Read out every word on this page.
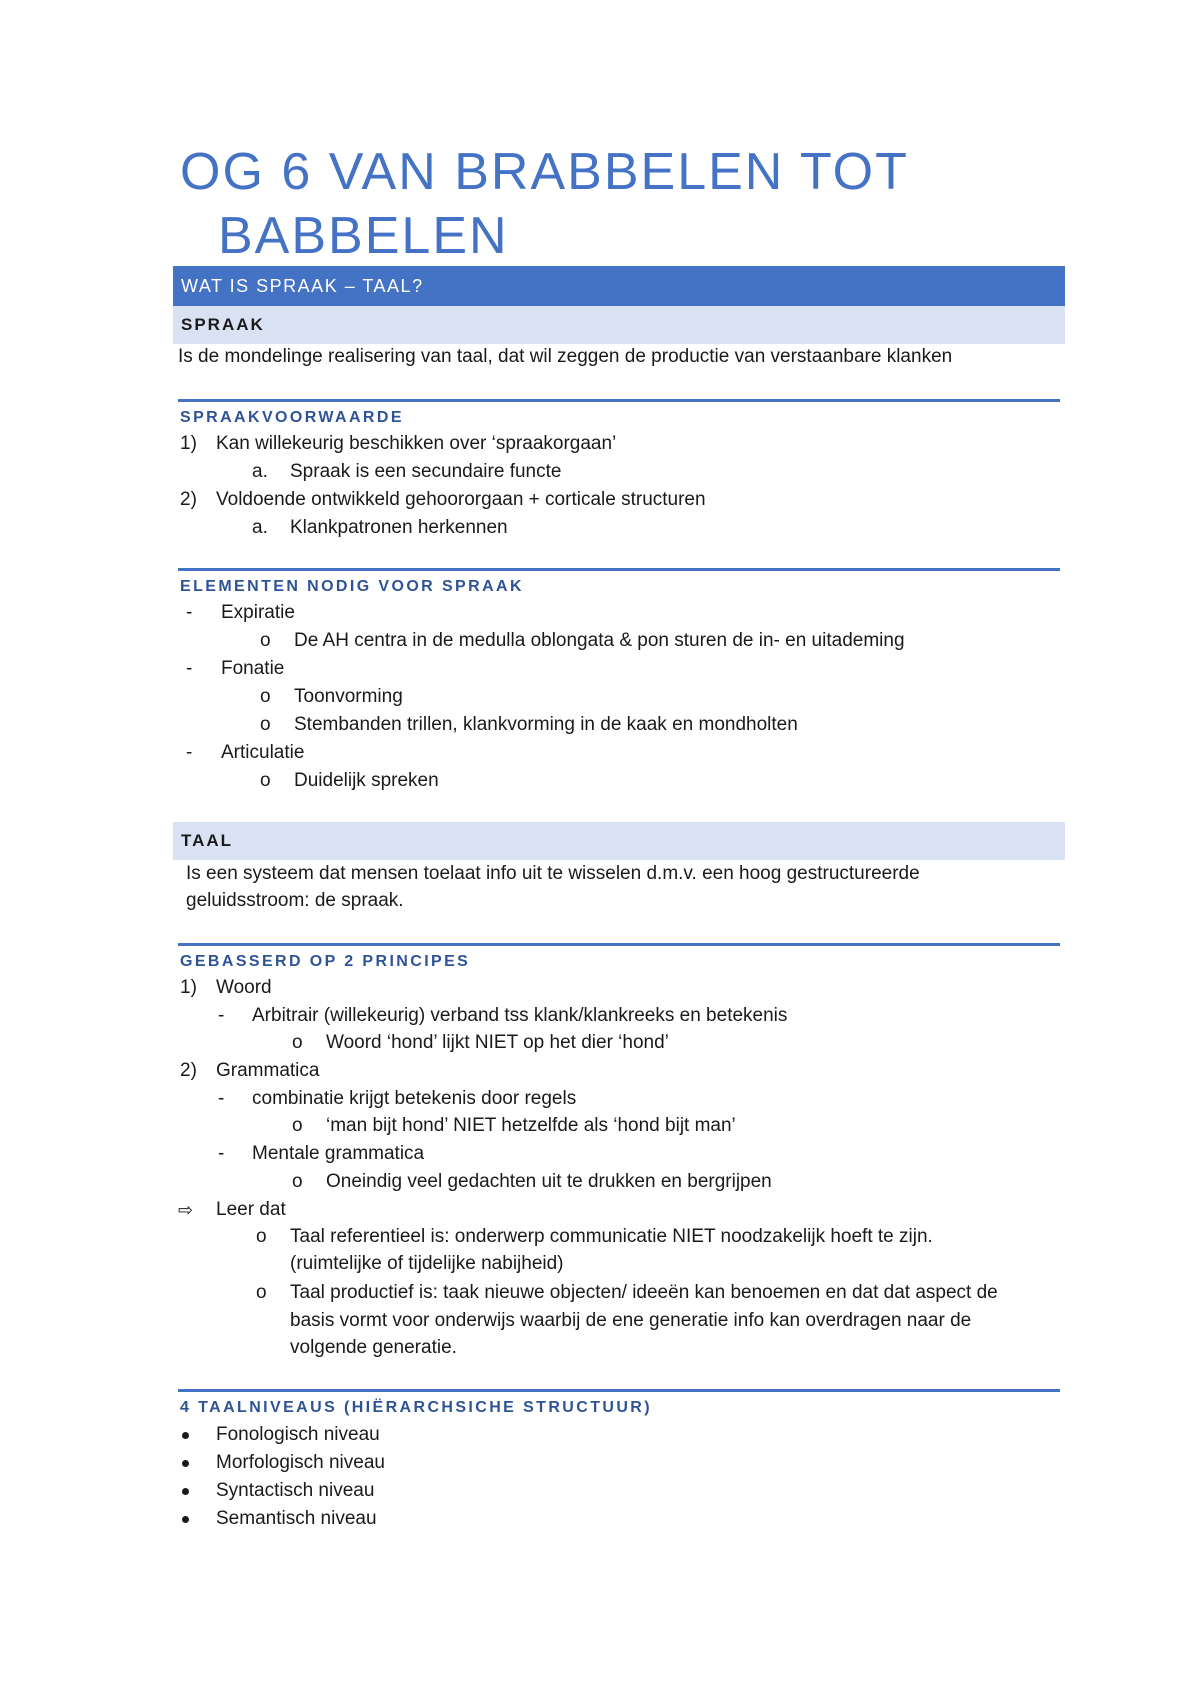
OG 6 VAN BRABBELEN TOT
BABBELEN
WAT IS SPRAAK – TAAL?
SPRAAK
Is de mondelinge realisering van taal, dat wil zeggen de productie van verstaanbare klanken
SPRAAKVOORWAARDE
1) Kan willekeurig beschikken over ‘spraakorgaan’
a. Spraak is een secundaire functe
2) Voldoende ontwikkeld gehoororgaan + corticale structuren
a. Klankpatronen herkennen
ELEMENTEN NODIG VOOR SPRAAK
- Expiratie
o De AH centra in de medulla oblongata & pon sturen de in- en uitademing
- Fonatie
o Toonvorming
o Stembanden trillen, klankvorming in de kaak en mondholten
- Articulatie
o Duidelijk spreken
TAAL
Is een systeem dat mensen toelaat info uit te wisselen d.m.v. een hoog gestructureerde
geluidsstroom: de spraak.
GEBASSERD OP 2 PRINCIPES
1) Woord
- Arbitrair (willekeurig) verband tss klank/klankreeks en betekenis
o Woord ‘hond’ lijkt NIET op het dier ‘hond’
2) Grammatica
- combinatie krijgt betekenis door regels
o ‘man bijt hond’ NIET hetzelfde als ‘hond bijt man’
- Mentale grammatica
o Oneindig veel gedachten uit te drukken en bergrijpen
⇨ Leer dat
o Taal referentieel is: onderwerp communicatie NIET noodzakelijk hoeft te zijn.
(ruimtelijke of tijdelijke nabijheid)
o Taal productief is: taak nieuwe objecten/ ideeën kan benoemen en dat dat aspect de
basis vormt voor onderwijs waarbij de ene generatie info kan overdragen naar de
volgende generatie.
4 TAALNIVEAUS (HIËRARCHSICHE STRUCTUUR)
Fonologisch niveau
Morfologisch niveau
Syntactisch niveau
Semantisch niveau
